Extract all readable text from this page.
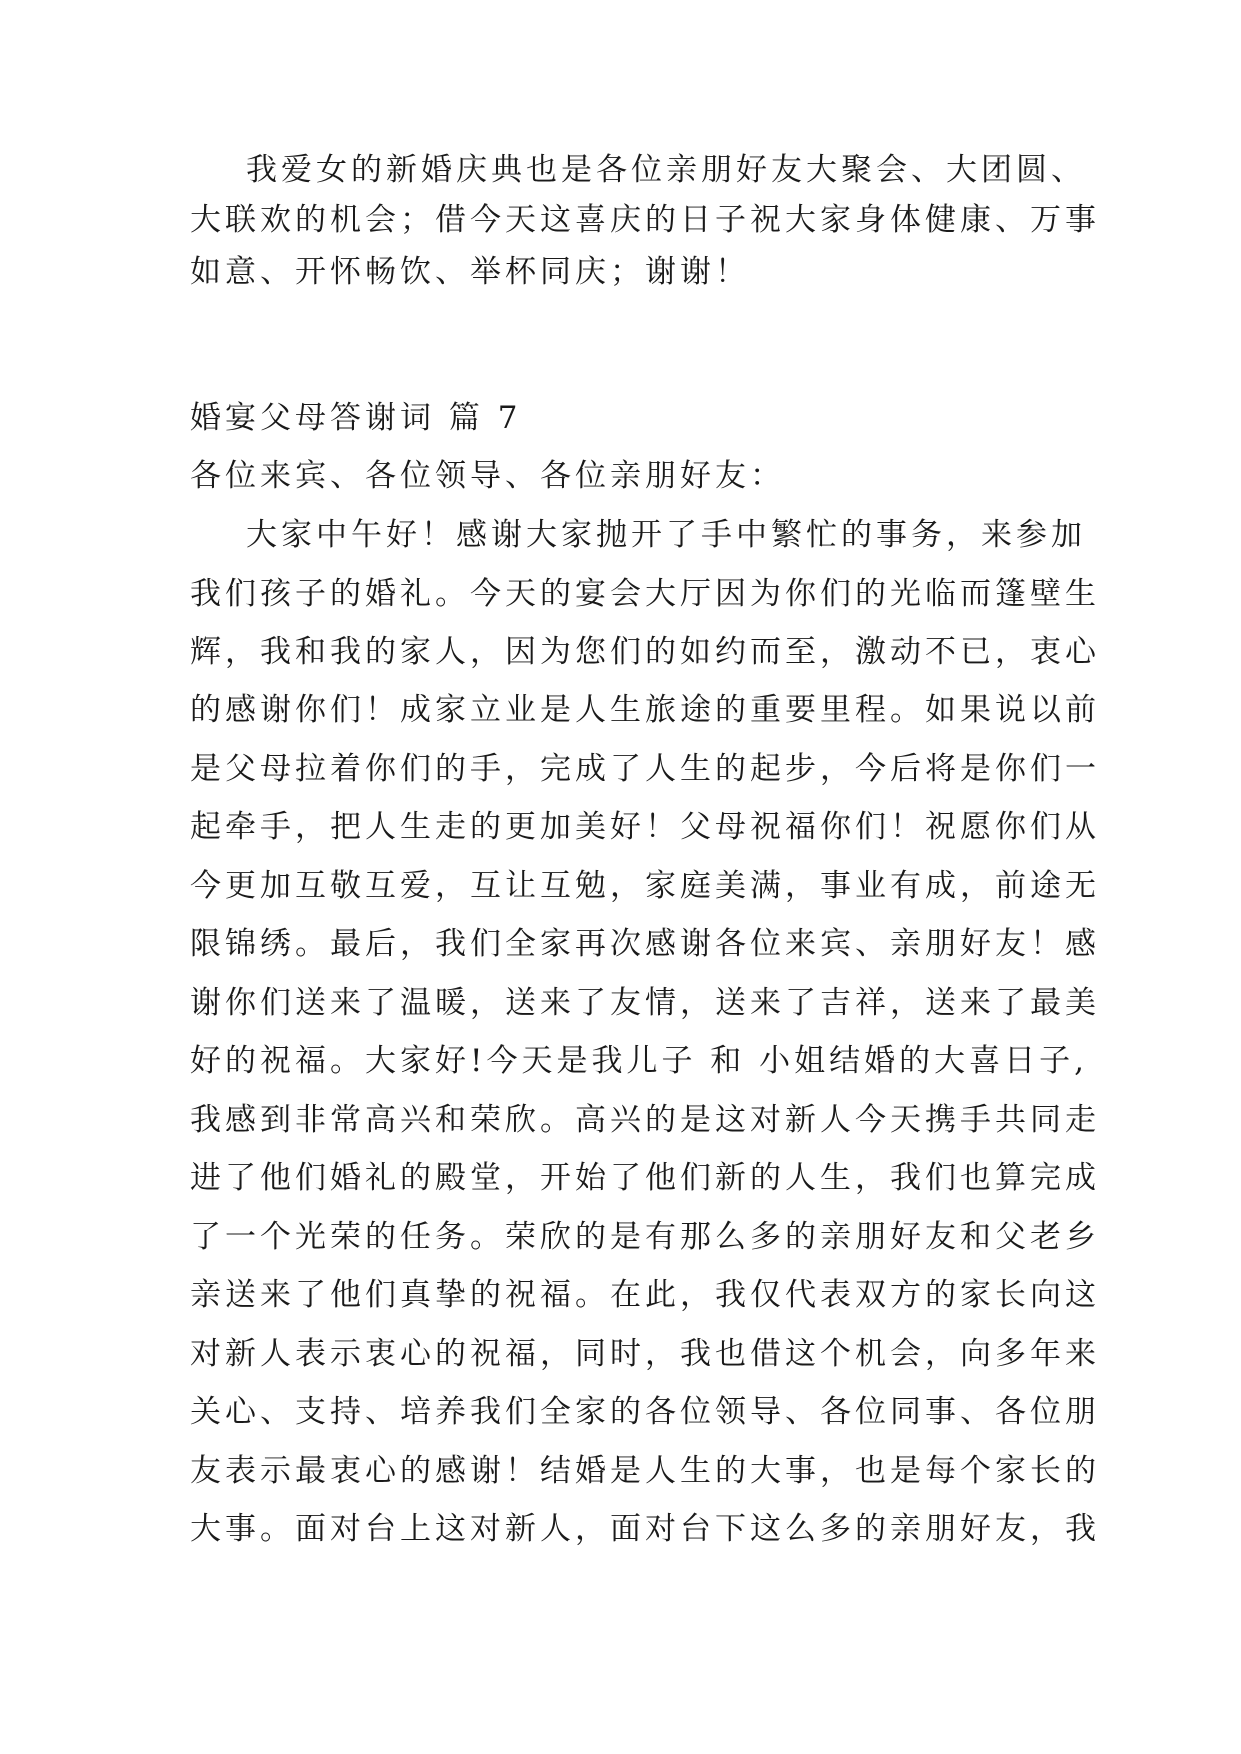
我爱女的新婚庆典也是各位亲朋好友大聚会、大团圆、
大联欢的机会；借今天这喜庆的日子祝大家身体健康、万事
如意、开怀畅饮、举杯同庆；谢谢！
婚宴父母答谢词 篇 7
各位来宾、各位领导、各位亲朋好友：
大家中午好！感谢大家抛开了手中繁忙的事务，来参加
我们孩子的婚礼。今天的宴会大厅因为你们的光临而篷壁生
辉，我和我的家人，因为您们的如约而至，激动不已，衷心
的感谢你们！成家立业是人生旅途的重要里程。如果说以前
是父母拉着你们的手，完成了人生的起步，今后将是你们一
起牵手，把人生走的更加美好！父母祝福你们！祝愿你们从
今更加互敬互爱，互让互勉，家庭美满，事业有成，前途无
限锦绣。最后，我们全家再次感谢各位来宾、亲朋好友！感
谢你们送来了温暖，送来了友情，送来了吉祥，送来了最美
好的祝福。大家好!今天是我儿子 和 小姐结婚的大喜日子,
我感到非常高兴和荣欣。高兴的是这对新人今天携手共同走
进了他们婚礼的殿堂，开始了他们新的人生，我们也算完成
了一个光荣的任务。荣欣的是有那么多的亲朋好友和父老乡
亲送来了他们真挚的祝福。在此，我仅代表双方的家长向这
对新人表示衷心的祝福，同时，我也借这个机会，向多年来
关心、支持、培养我们全家的各位领导、各位同事、各位朋
友表示最衷心的感谢！结婚是人生的大事，也是每个家长的
大事。面对台上这对新人，面对台下这么多的亲朋好友，我
